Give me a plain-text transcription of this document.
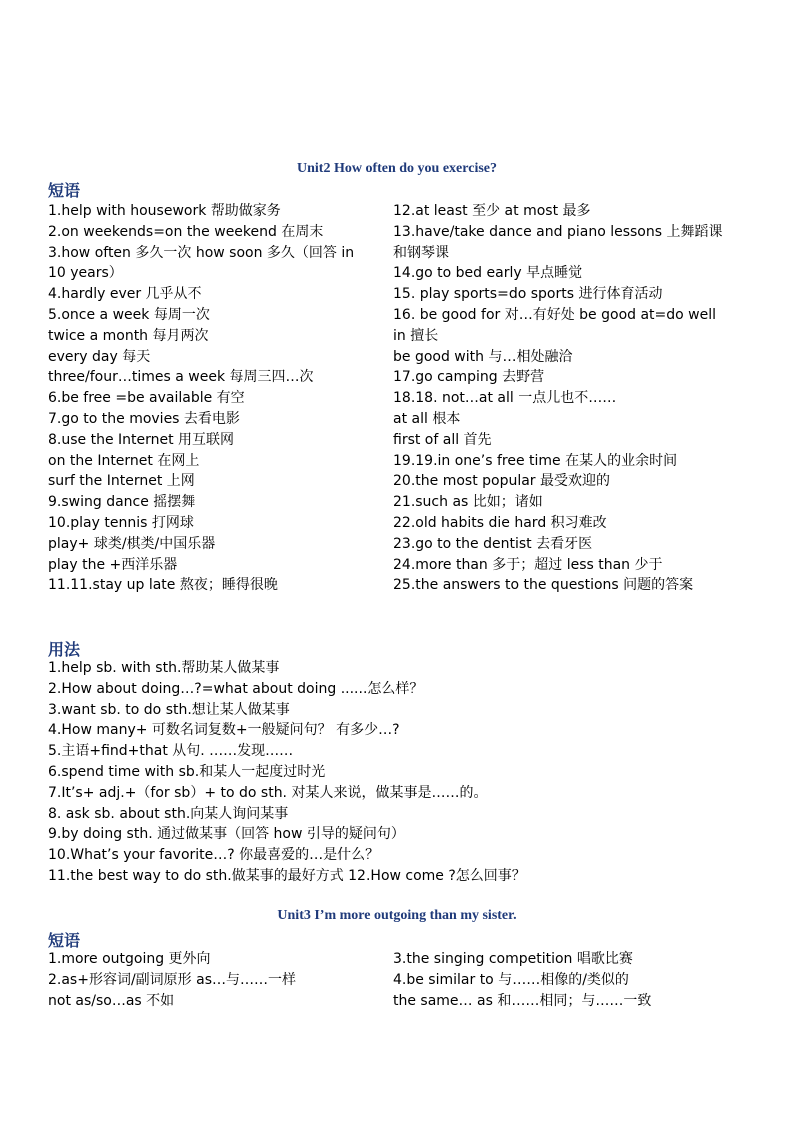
Unit2 How often do you exercise?
短语
1.help with housework 帮助做家务
2.on weekends=on the weekend 在周末
3.how often 多久一次 how soon 多久（回答 in
10 years）
4.hardly ever 几乎从不
5.once a week 每周一次
twice a month 每月两次
every day 每天
three/four…times a week 每周三四…次
6.be free =be available 有空
7.go to the movies 去看电影
8.use the Internet 用互联网
on the Internet 在网上
surf the Internet 上网
9.swing dance 摇摆舞
10.play tennis 打网球
play+ 球类/棋类/中国乐器
play the +西洋乐器
11.11.stay up late 熬夜；睡得很晚
12.at least 至少 at most 最多
13.have/take dance and piano lessons 上舞蹈课
和钢琴课
14.go to bed early 早点睡觉
15. play sports=do sports 进行体育活动
16. be good for 对…有好处 be good at=do well
in 擅长
be good with 与…相处融洽
17.go camping 去野营
18.18. not…at all 一点儿也不……
at all 根本
first of all 首先
19.19.in one’s free time 在某人的业余时间
20.the most popular 最受欢迎的
21.such as 比如；诸如
22.old habits die hard 积习难改
23.go to the dentist 去看牙医
24.more than 多于；超过 less than 少于
25.the answers to the questions 问题的答案
用法
1.help sb. with sth.帮助某人做某事
2.How about doing…?=what about doing ......怎么样？
3.want sb. to do sth.想让某人做某事
4.How many+ 可数名词复数+一般疑问句？ 有多少…?
5.主语+find+that 从句. ……发现……
6.spend time with sb.和某人一起度过时光
7.It’s+ adj.+（for sb）+ to do sth. 对某人来说，做某事是……的。
8. ask sb. about sth.向某人询问某事
9.by doing sth. 通过做某事（回答 how 引导的疑问句）
10.What’s your favorite…? 你最喜爱的…是什么？
11.the best way to do sth.做某事的最好方式 12.How come ?怎么回事？
Unit3 I’m more outgoing than my sister.
短语
1.more outgoing 更外向
2.as+形容词/副词原形 as…与……一样
not as/so…as 不如
3.the singing competition 唱歌比赛
4.be similar to 与……相像的/类似的
the same… as 和……相同；与……一致
